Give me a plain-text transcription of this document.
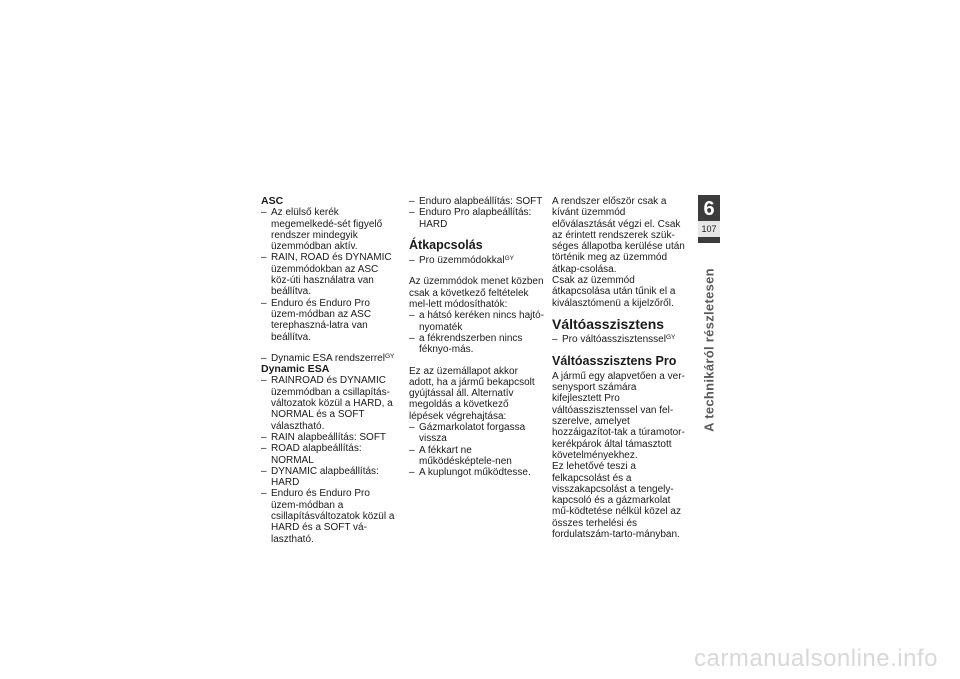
ASC
– Az elülső kerék megemelkedé-sét figyelő rendszer mindegyik üzemmódban aktív.
– RAIN, ROAD és DYNAMIC üzemmódokban az ASC köz-úti használatra van beállítva.
– Enduro és Enduro Pro üzem-módban az ASC terephaszná-latra van beállítva.
– Dynamic ESA rendszerrel$^{GY}$
Dynamic ESA
– RAINROAD és DYNAMIC üzemmódban a csillapítás-változatok közül a HARD, a NORMAL és a SOFT választható.
– RAIN alapbeállítás: SOFT
– ROAD alapbeállítás: NORMAL
– DYNAMIC alapbeállítás: HARD
– Enduro és Enduro Pro üzem-módban a csillapításváltozatok közül a HARD és a SOFT vá-lasztható.
– Enduro alapbeállítás: SOFT
– Enduro Pro alapbeállítás: HARD
Átkapcsolás
– Pro üzemmódokkal$^{GY}$

Az üzemmódok menet közben csak a következő feltételek mel-lett módosíthatók:

– a hátsó keréken nincs hajtó-nyomaték
– a fékrendszerben nincs féknyo-más.

Ez az üzemállapot akkor adott, ha a jármű bekapcsolt gyújtással áll. Alternatív megoldás a következő lépések végrehajtása:

– Gázmarkolatot forgassa vissza
– A fékkart ne működésképtele-nen
– A kuplungot működtesse.

A rendszer először csak a kívánt üzemmód előválasztását végzi el. Csak az érintett rendszerek szük-séges állapotba kerülése után történik meg az üzemmód átkap-csolása.

Csak az üzemmód átkapcsolása után tűnik el a kiválasztómenü a kijelzőről.

Váltóasszisztens
– Pro váltóasszisztenssel$^{GY}$
Váltóasszisztens Pro

A jármű egy alapvetően a ver-senysport számára kifejlesztett Pro váltóasszisztenssel van fel-szerelve, amelyet hozzáigazítot-tak a túramotor-kerékpárok által támasztott követelményekhez.

Ez lehetővé teszi a felkapcsolást és a visszakapcsolást a tengely-kapcsoló és a gázmarkolat mű-ködtetése nélkül közel az összes terhelési és fordulatszám-tarto-mányban.

6
107
A technikáról részletesen
carmanualsonline.info
